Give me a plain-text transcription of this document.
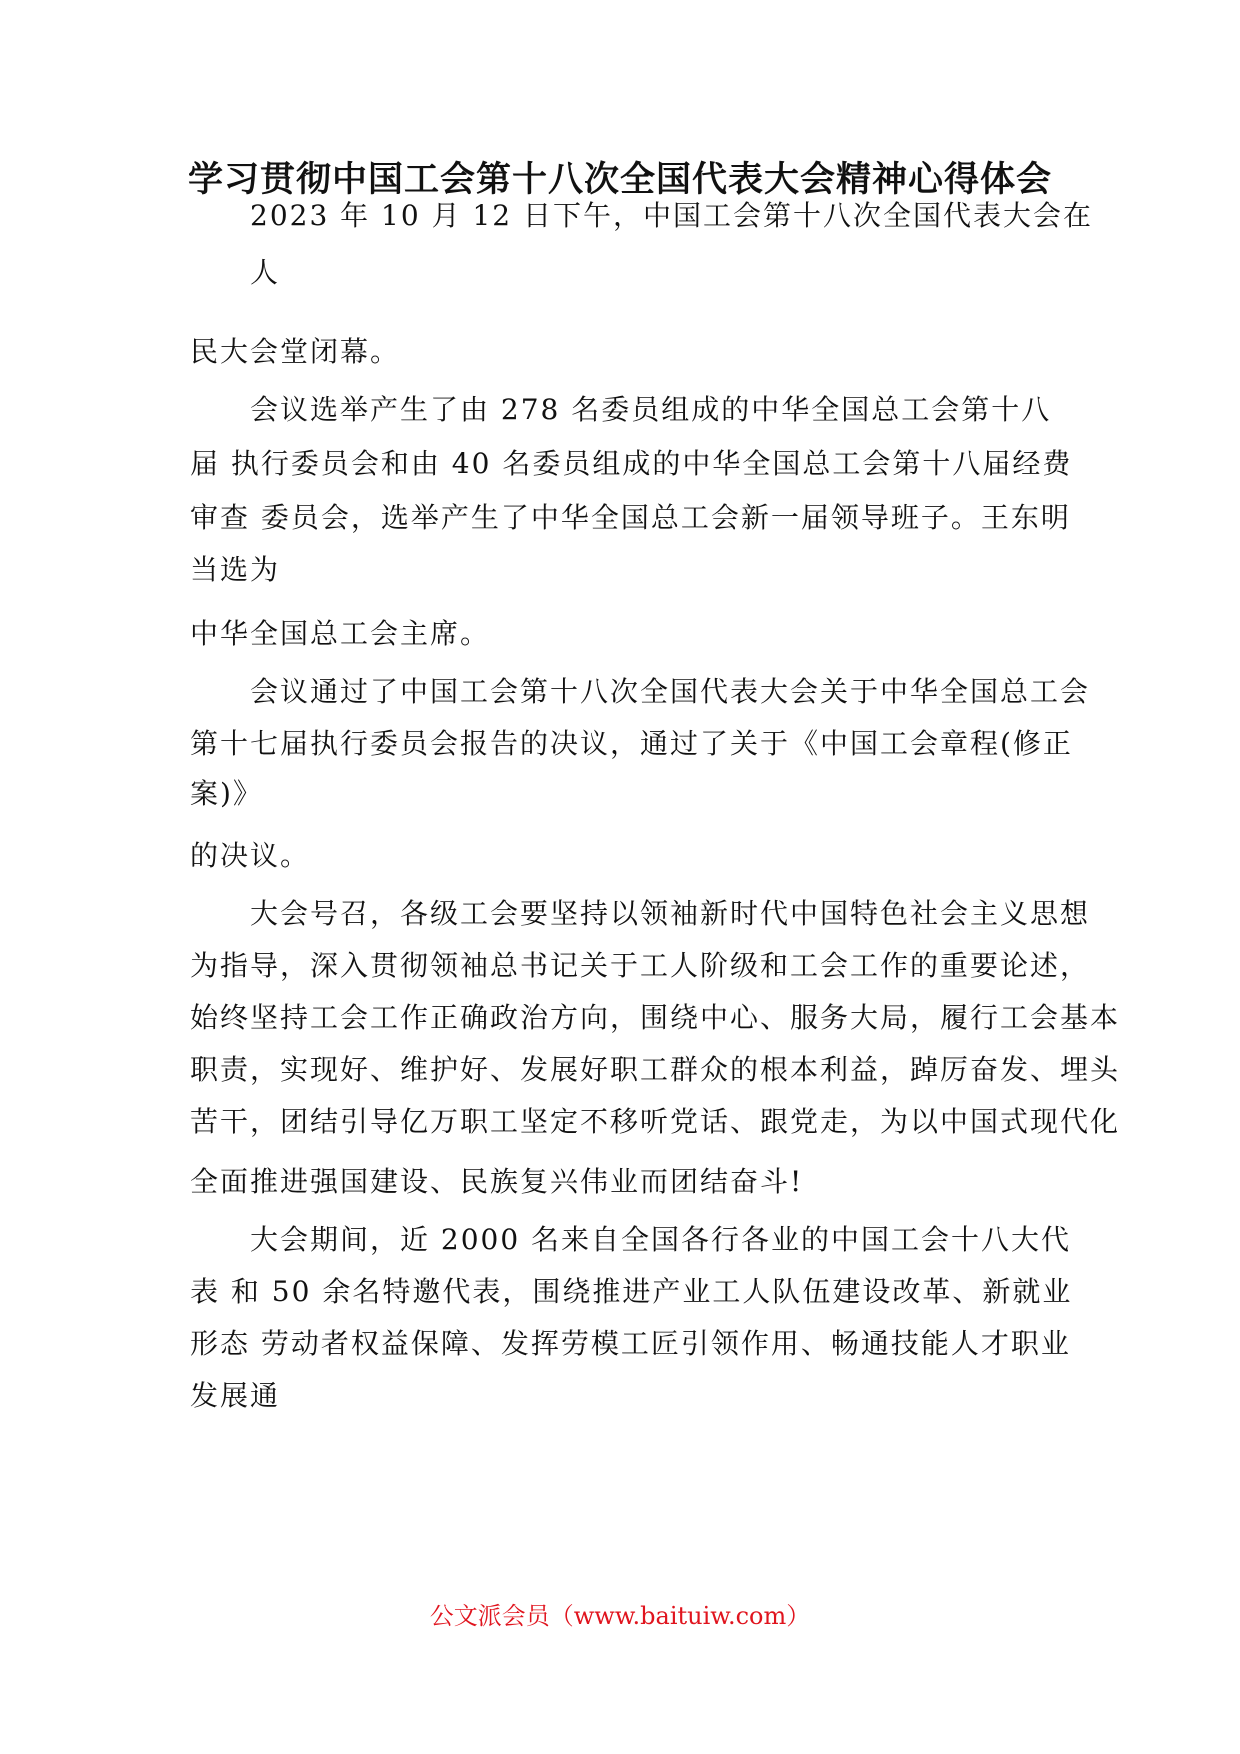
学习贯彻中国工会第十八次全国代表大会精神心得体会

2023 年 10 月 12 日下午，中国工会第十八次全国代表大会在

人

民大会堂闭幕。

会议选举产生了由 278 名委员组成的中华全国总工会第十八

届 执行委员会和由 40 名委员组成的中华全国总工会第十八届经费

审查 委员会，选举产生了中华全国总工会新一届领导班子。王东明

当选为

中华全国总工会主席。

会议通过了中国工会第十八次全国代表大会关于中华全国总工会

第十七届执行委员会报告的决议，通过了关于《中国工会章程(修正

案)》

的决议。

大会号召，各级工会要坚持以领袖新时代中国特色社会主义思想

为指导，深入贯彻领袖总书记关于工人阶级和工会工作的重要论述，

始终坚持工会工作正确政治方向，围绕中心、服务大局，履行工会基本

职责，实现好、维护好、发展好职工群众的根本利益，踔厉奋发、埋头

苦干，团结引导亿万职工坚定不移听党话、跟党走，为以中国式现代化

全面推进强国建设、民族复兴伟业而团结奋斗!

大会期间，近 2000 名来自全国各行各业的中国工会十八大代

表 和 50 余名特邀代表，围绕推进产业工人队伍建设改革、新就业

形态 劳动者权益保障、发挥劳模工匠引领作用、畅通技能人才职业

发展通

公文派会员（www.baituiw.com）
